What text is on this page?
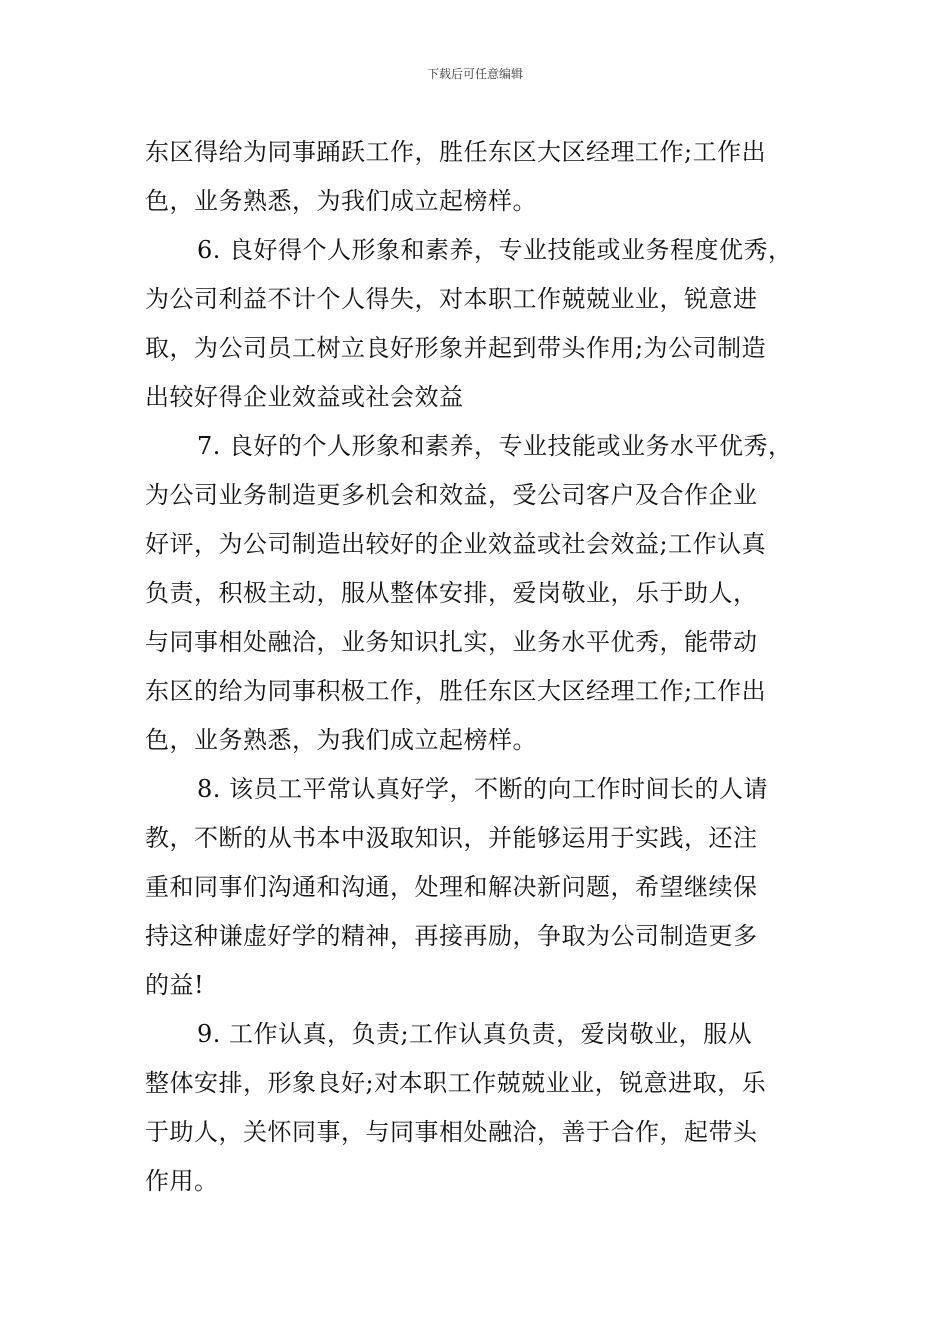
下载后可任意编辑
东区得给为同事踊跃工作，胜任东区大区经理工作;工作出
色，业务熟悉，为我们成立起榜样。
6. 良好得个人形象和素养，专业技能或业务程度优秀，
为公司利益不计个人得失，对本职工作兢兢业业，锐意进
取，为公司员工树立良好形象并起到带头作用;为公司制造
出较好得企业效益或社会效益
7. 良好的个人形象和素养，专业技能或业务水平优秀，
为公司业务制造更多机会和效益，受公司客户及合作企业
好评，为公司制造出较好的企业效益或社会效益;工作认真
负责，积极主动，服从整体安排，爱岗敬业，乐于助人，
与同事相处融洽，业务知识扎实，业务水平优秀，能带动
东区的给为同事积极工作，胜任东区大区经理工作;工作出
色，业务熟悉，为我们成立起榜样。
8. 该员工平常认真好学，不断的向工作时间长的人请
教，不断的从书本中汲取知识，并能够运用于实践，还注
重和同事们沟通和沟通，处理和解决新问题，希望继续保
持这种谦虚好学的精神，再接再励，争取为公司制造更多
的益!
9. 工作认真，负责;工作认真负责，爱岗敬业，服从
整体安排，形象良好;对本职工作兢兢业业，锐意进取，乐
于助人，关怀同事，与同事相处融洽，善于合作，起带头
作用。
